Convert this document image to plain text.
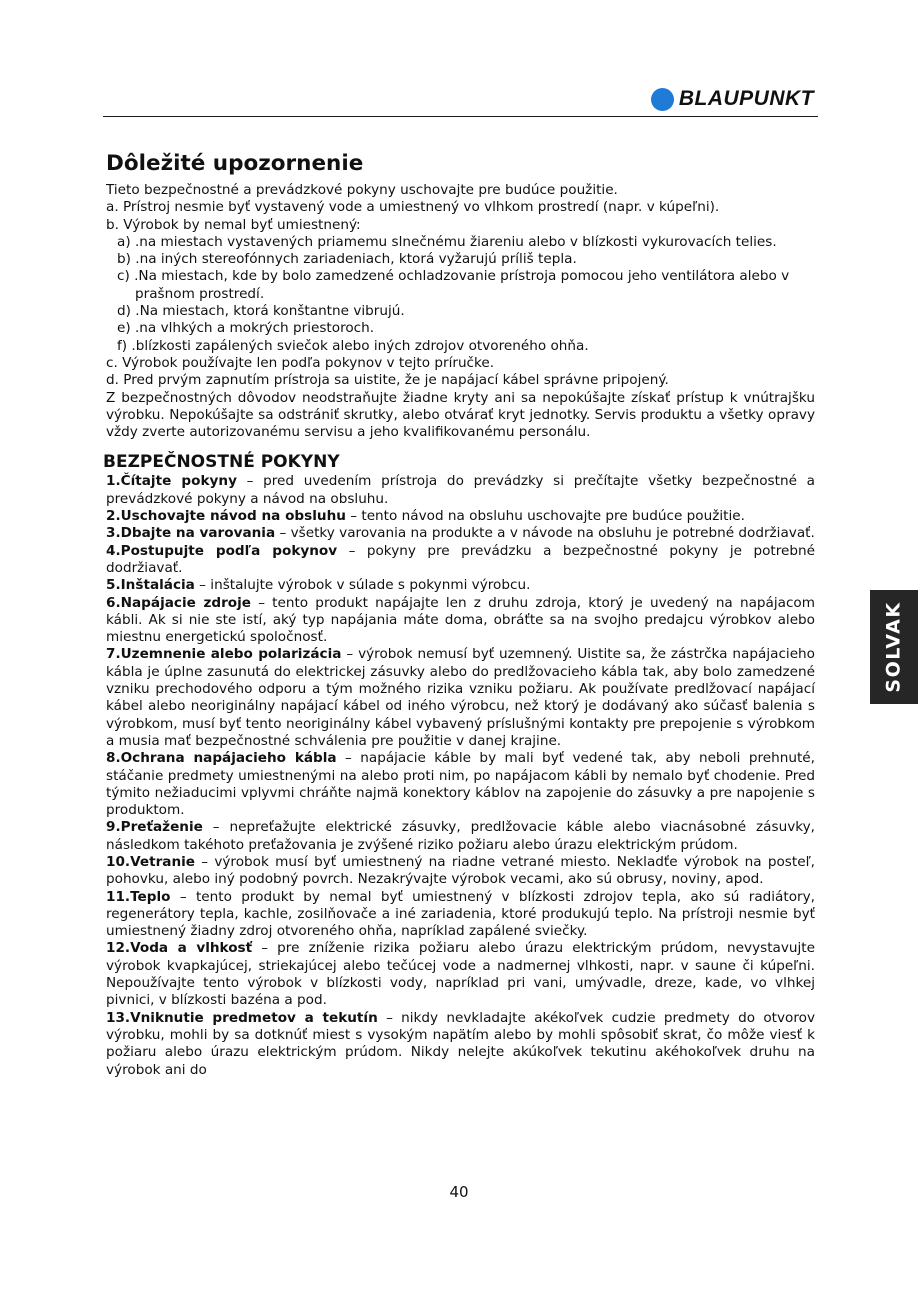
BLAUPUNKT
Dôležité upozornenie

Tieto bezpečnostné a prevádzkové pokyny uschovajte pre budúce použitie.

a. Prístroj nesmie byť vystavený vode a umiestnený vo vlhkom prostredí (napr. v kúpeľni).

b. Výrobok by nemal byť umiestnený:

a) .na miestach vystavených priamemu slnečnému žiareniu alebo v blízkosti vykurovacích telies.

b) .na iných stereofónnych zariadeniach, ktorá vyžarujú príliš tepla.

c) .Na miestach, kde by bolo zamedzené ochladzovanie prístroja pomocou jeho ventilátora alebo v prašnom prostredí.

d) .Na miestach, ktorá konštantne vibrujú.

e) .na vlhkých a mokrých priestoroch.

f) .blízkosti zapálených sviečok alebo iných zdrojov otvoreného ohňa.

c. Výrobok používajte len podľa pokynov v tejto príručke.

d. Pred prvým zapnutím prístroja sa uistite, že je napájací kábel správne pripojený.

Z bezpečnostných dôvodov neodstraňujte žiadne kryty ani sa nepokúšajte získať prístup k vnútrajšku výrobku. Nepokúšajte sa odstrániť skrutky, alebo otvárať kryt jednotky. Servis produktu a všetky opravy vždy zverte autorizovanému servisu a jeho kvalifikovanému personálu.

BEZPEČNOSTNÉ POKYNY

1.Čítajte pokyny – pred uvedením prístroja do prevádzky si prečítajte všetky bezpečnostné a prevádzkové pokyny a návod na obsluhu.

2.Uschovajte návod na obsluhu – tento návod na obsluhu uschovajte pre budúce použitie.

3.Dbajte na varovania – všetky varovania na produkte a v návode na obsluhu je potrebné dodržiavať.

4.Postupujte podľa pokynov – pokyny pre prevádzku a bezpečnostné pokyny je potrebné dodržiavať.

5.Inštalácia – inštalujte výrobok v súlade s pokynmi výrobcu.

6.Napájacie zdroje – tento produkt napájajte len z druhu zdroja, ktorý je uvedený na napájacom kábli. Ak si nie ste istí, aký typ napájania máte doma, obráťte sa na svojho predajcu výrobkov alebo miestnu energetickú spoločnosť.

7.Uzemnenie alebo polarizácia – výrobok nemusí byť uzemnený. Uistite sa, že zástrčka napájacieho kábla je úplne zasunutá do elektrickej zásuvky alebo do predlžovacieho kábla tak, aby bolo zamedzené vzniku prechodového odporu a tým možného rizika vzniku požiaru. Ak používate predlžovací napájací kábel alebo neoriginálny napájací kábel od iného výrobcu, než ktorý je dodávaný ako súčasť balenia s výrobkom, musí byť tento neoriginálny kábel vybavený príslušnými kontakty pre prepojenie s výrobkom a musia mať bezpečnostné schválenia pre použitie v danej krajine.

8.Ochrana napájacieho kábla – napájacie káble by mali byť vedené tak, aby neboli prehnuté, stáčanie predmety umiestnenými na alebo proti nim, po napájacom kábli by nemalo byť chodenie. Pred týmito nežiaducimi vplyvmi chráňte najmä konektory káblov na zapojenie do zásuvky a pre napojenie s produktom.

9.Preťaženie – nepreťažujte elektrické zásuvky, predlžovacie káble alebo viacnásobné zásuvky, následkom takéhoto preťažovania je zvýšené riziko požiaru alebo úrazu elektrickým prúdom.

10.Vetranie – výrobok musí byť umiestnený na riadne vetrané miesto. Nekladťe výrobok na posteľ, pohovku, alebo iný podobný povrch. Nezakrývajte výrobok vecami, ako sú obrusy, noviny, apod.

11.Teplo – tento produkt by nemal byť umiestnený v blízkosti zdrojov tepla, ako sú radiátory, regenerátory tepla, kachle, zosilňovače a iné zariadenia, ktoré produkujú teplo. Na prístroji nesmie byť umiestnený žiadny zdroj otvoreného ohňa, napríklad zapálené sviečky.

12.Voda a vlhkosť – pre zníženie rizika požiaru alebo úrazu elektrickým prúdom, nevystavujte výrobok kvapkajúcej, striekajúcej alebo tečúcej vode a nadmernej vlhkosti, napr. v saune či kúpeľni. Nepoužívajte tento výrobok v blízkosti vody, napríklad pri vani, umývadle, dreze, kade, vo vlhkej pivnici, v blízkosti bazéna a pod.

13.Vniknutie predmetov a tekutín – nikdy nevkladajte akékoľvek cudzie predmety do otvorov výrobku, mohli by sa dotknúť miest s vysokým napätím alebo by mohli spôsobiť skrat, čo môže viesť k požiaru alebo úrazu elektrickým prúdom. Nikdy nelejte akúkoľvek tekutinu akéhokoľvek druhu na výrobok ani do

SOLVAK
40
